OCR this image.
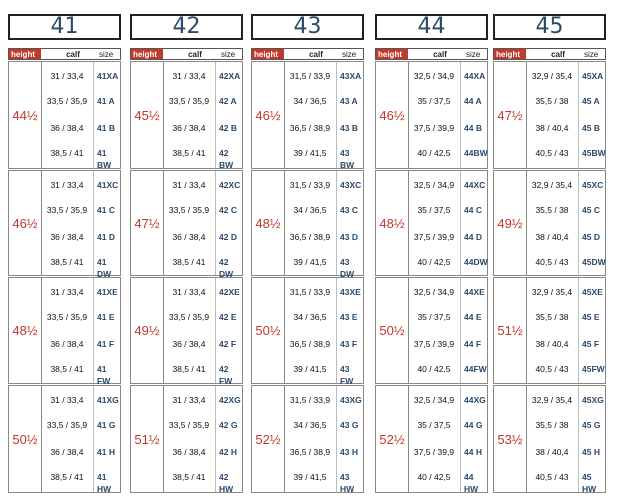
41
height	calf	size
44½
31 / 33,4	41XA
33,5 / 35,9	41 A
36 / 38,4	41 B
38,5 / 41	41 BW
46½
31 / 33,4	41XC
33,5 / 35,9	41 C
36 / 38,4	41 D
38,5 / 41	41 DW
48½
31 / 33,4	41XE
33,5 / 35,9	41 E
36 / 38,4	41 F
38,5 / 41	41 FW
50½
31 / 33,4	41XG
33,5 / 35,9	41 G
36 / 38,4	41 H
38,5 / 41	41 HW
42
height	calf	size
45½
31 / 33,4	42XA
33,5 / 35,9	42 A
36 / 38,4	42 B
38,5 / 41	42 BW
47½
31 / 33,4	42XC
33,5 / 35,9	42 C
36 / 38,4	42 D
38,5 / 41	42 DW
49½
31 / 33,4	42XE
33,5 / 35,9	42 E
36 / 38,4	42 F
38,5 / 41	42 FW
51½
31 / 33,4	42XG
33,5 / 35,9	42 G
36 / 38,4	42 H
38,5 / 41	42 HW
43
height	calf	size
46½
31,5 / 33,9	43XA
34 / 36,5	43 A
36,5 / 38,9	43 B
39 / 41,5	43 BW
48½
31,5 / 33,9	43XC
34 / 36,5	43 C
36,5 / 38,9	43 D
39 / 41,5	43 DW
50½
31,5 / 33,9	43XE
34 / 36,5	43 E
36,5 / 38,9	43 F
39 / 41,5	43 FW
52½
31,5 / 33,9	43XG
34 / 36,5	43 G
36,5 / 38,9	43 H
39 / 41,5	43 HW
44
height	calf	size
46½
32,5 / 34,9	44XA
35 / 37,5	44 A
37,5 / 39,9	44 B
40 / 42,5	44BW
48½
32,5 / 34,9	44XC
35 / 37,5	44 C
37,5 / 39,9	44 D
40 / 42,5	44DW
50½
32,5 / 34,9	44XE
35 / 37,5	44 E
37,5 / 39,9	44 F
40 / 42,5	44FW
52½
32,5 / 34,9	44XG
35 / 37,5	44 G
37,5 / 39,9	44 H
40 / 42,5	44 HW
45
height	calf	size
47½
32,9 / 35,4	45XA
35,5 / 38	45 A
38 / 40,4	45 B
40,5 / 43	45BW
49½
32,9 / 35,4	45XC
35,5 / 38	45 C
38 / 40,4	45 D
40,5 / 43	45DW
51½
32,9 / 35,4	45XE
35,5 / 38	45 E
38 / 40,4	45 F
40,5 / 43	45FW
53½
32,9 / 35,4	45XG
35,5 / 38	45 G
38 / 40,4	45 H
40,5 / 43	45 HW
